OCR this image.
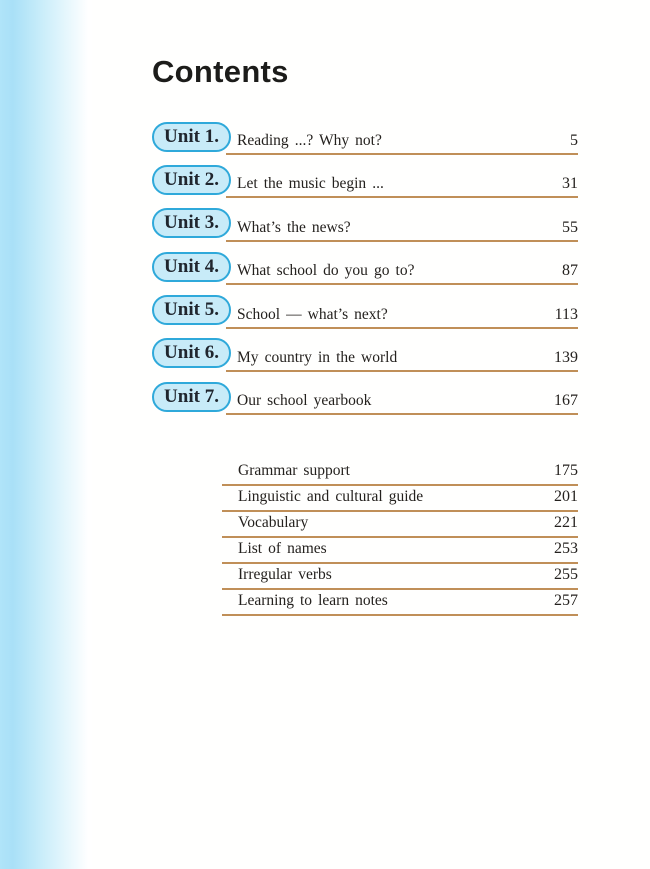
Contents
Unit 1.	Reading ...? Why not?	5
Unit 2.	Let the music begin ...	31
Unit 3.	What’s the news?	55
Unit 4.	What school do you go to?	87
Unit 5.	School — what’s next?	113
Unit 6.	My country in the world	139
Unit 7.	Our school yearbook	167
Grammar support	175
Linguistic and cultural guide	201
Vocabulary	221
List of names	253
Irregular verbs	255
Learning to learn notes	257
